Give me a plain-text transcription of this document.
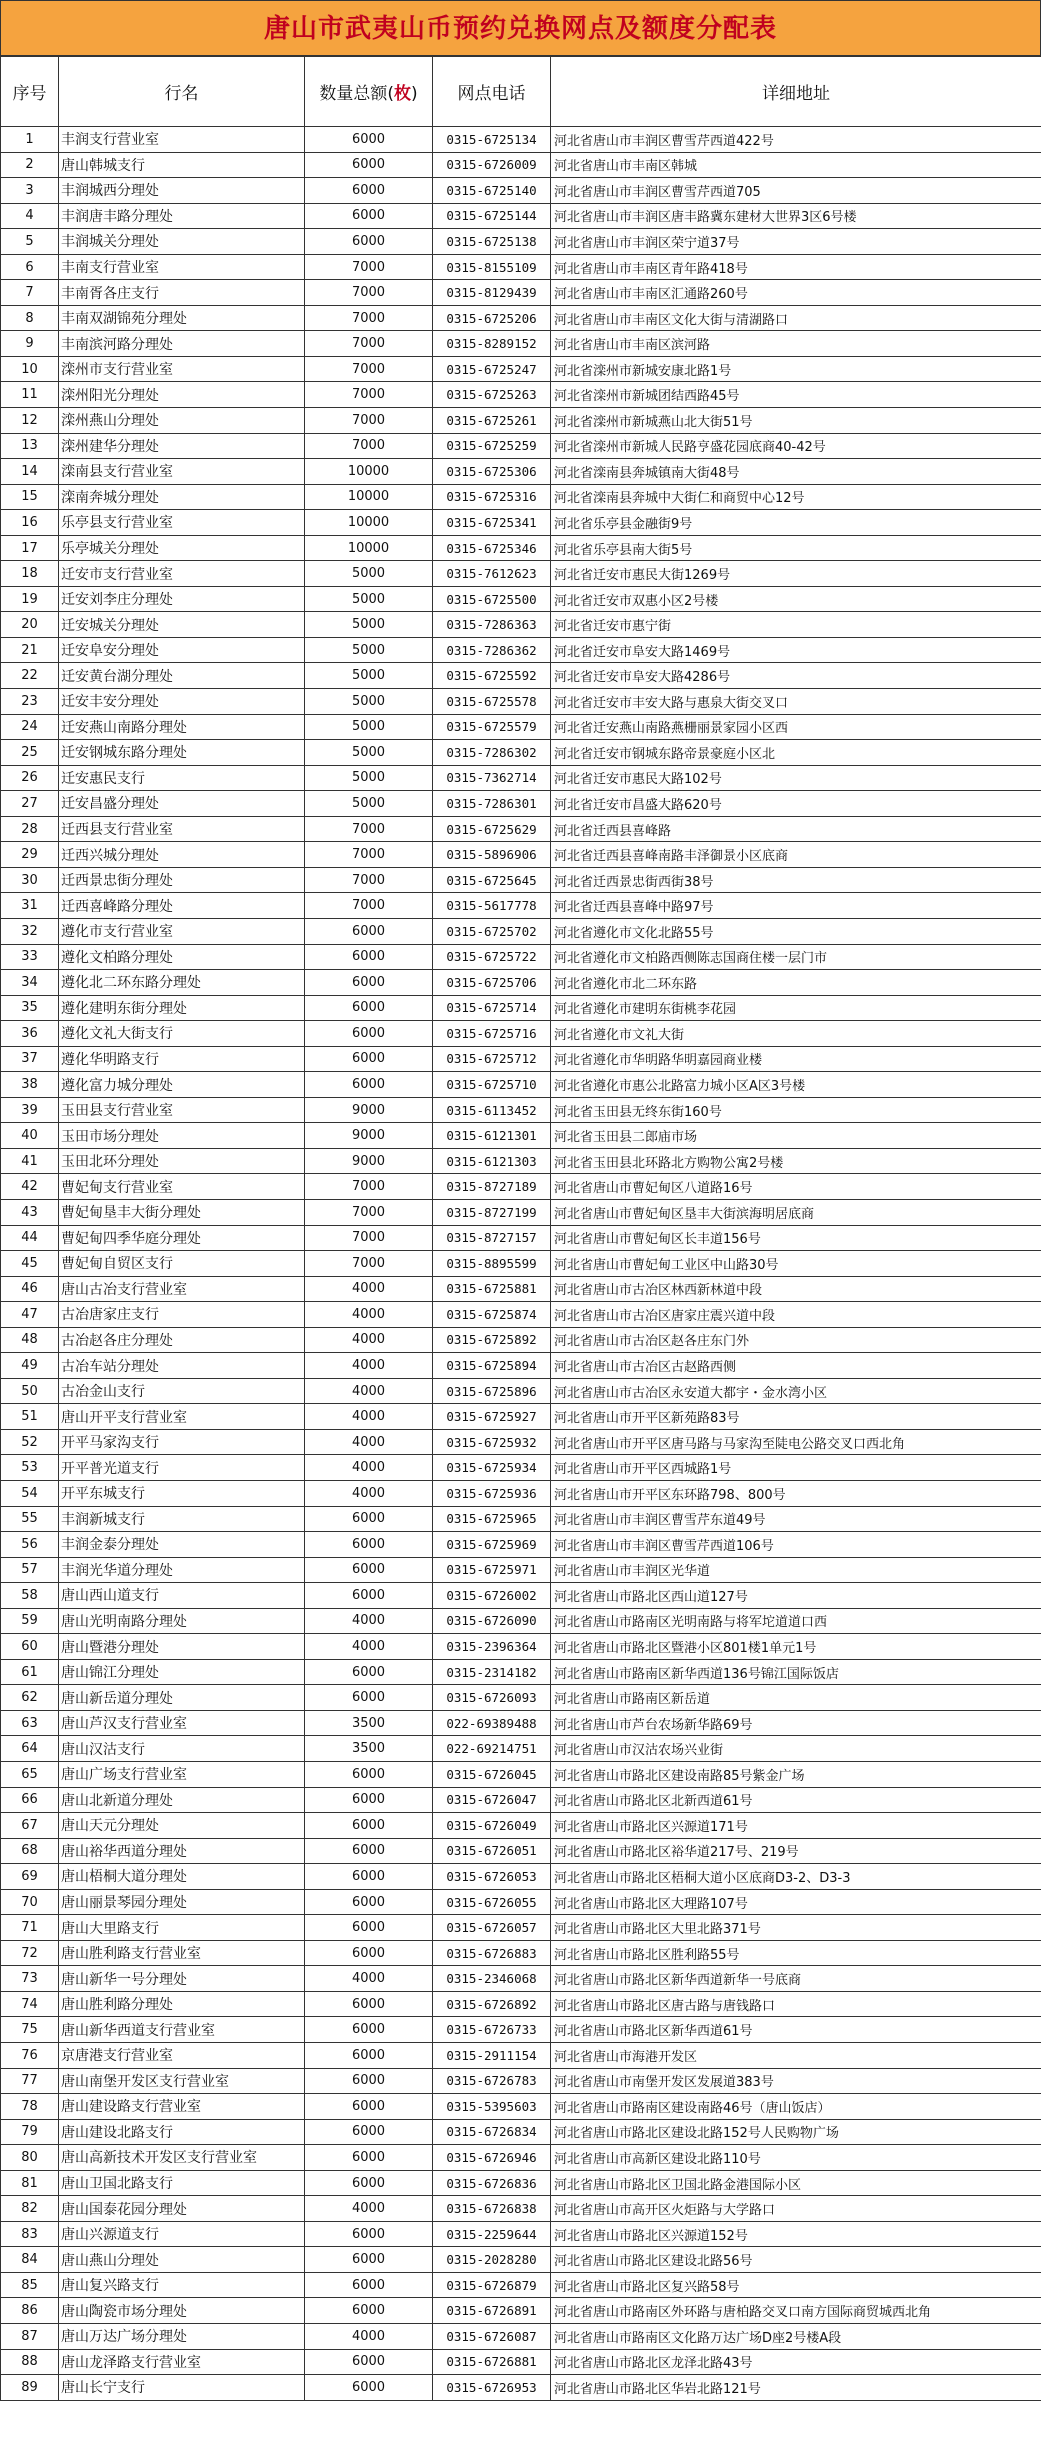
唐山市武夷山币预约兑换网点及额度分配表
序号	行名	数量总额(枚)	网点电话	详细地址
1	丰润支行营业室	6000	0315-6725134	河北省唐山市丰润区曹雪芹西道422号
2	唐山韩城支行	6000	0315-6726009	河北省唐山市丰南区韩城
3	丰润城西分理处	6000	0315-6725140	河北省唐山市丰润区曹雪芹西道705
4	丰润唐丰路分理处	6000	0315-6725144	河北省唐山市丰润区唐丰路冀东建材大世界3区6号楼
5	丰润城关分理处	6000	0315-6725138	河北省唐山市丰润区荣宁道37号
6	丰南支行营业室	7000	0315-8155109	河北省唐山市丰南区青年路418号
7	丰南胥各庄支行	7000	0315-8129439	河北省唐山市丰南区汇通路260号
8	丰南双湖锦苑分理处	7000	0315-6725206	河北省唐山市丰南区文化大街与清湖路口
9	丰南滨河路分理处	7000	0315-8289152	河北省唐山市丰南区滨河路
10	滦州市支行营业室	7000	0315-6725247	河北省滦州市新城安康北路1号
11	滦州阳光分理处	7000	0315-6725263	河北省滦州市新城团结西路45号
12	滦州燕山分理处	7000	0315-6725261	河北省滦州市新城燕山北大街51号
13	滦州建华分理处	7000	0315-6725259	河北省滦州市新城人民路亨盛花园底商40-42号
14	滦南县支行营业室	10000	0315-6725306	河北省滦南县奔城镇南大街48号
15	滦南奔城分理处	10000	0315-6725316	河北省滦南县奔城中大街仁和商贸中心12号
16	乐亭县支行营业室	10000	0315-6725341	河北省乐亭县金融街9号
17	乐亭城关分理处	10000	0315-6725346	河北省乐亭县南大街5号
18	迁安市支行营业室	5000	0315-7612623	河北省迁安市惠民大街1269号
19	迁安刘李庄分理处	5000	0315-6725500	河北省迁安市双惠小区2号楼
20	迁安城关分理处	5000	0315-7286363	河北省迁安市惠宁街
21	迁安阜安分理处	5000	0315-7286362	河北省迁安市阜安大路1469号
22	迁安黄台湖分理处	5000	0315-6725592	河北省迁安市阜安大路4286号
23	迁安丰安分理处	5000	0315-6725578	河北省迁安市丰安大路与惠泉大街交叉口
24	迁安燕山南路分理处	5000	0315-6725579	河北省迁安燕山南路燕栅丽景家园小区西
25	迁安钢城东路分理处	5000	0315-7286302	河北省迁安市钢城东路帝景豪庭小区北
26	迁安惠民支行	5000	0315-7362714	河北省迁安市惠民大路102号
27	迁安昌盛分理处	5000	0315-7286301	河北省迁安市昌盛大路620号
28	迁西县支行营业室	7000	0315-6725629	河北省迁西县喜峰路
29	迁西兴城分理处	7000	0315-5896906	河北省迁西县喜峰南路丰泽御景小区底商
30	迁西景忠街分理处	7000	0315-6725645	河北省迁西景忠街西街38号
31	迁西喜峰路分理处	7000	0315-5617778	河北省迁西县喜峰中路97号
32	遵化市支行营业室	6000	0315-6725702	河北省遵化市文化北路55号
33	遵化文柏路分理处	6000	0315-6725722	河北省遵化市文柏路西侧陈志国商住楼一层门市
34	遵化北二环东路分理处	6000	0315-6725706	河北省遵化市北二环东路
35	遵化建明东街分理处	6000	0315-6725714	河北省遵化市建明东街桃李花园
36	遵化文礼大街支行	6000	0315-6725716	河北省遵化市文礼大街
37	遵化华明路支行	6000	0315-6725712	河北省遵化市华明路华明嘉园商业楼
38	遵化富力城分理处	6000	0315-6725710	河北省遵化市惠公北路富力城小区A区3号楼
39	玉田县支行营业室	9000	0315-6113452	河北省玉田县无终东街160号
40	玉田市场分理处	9000	0315-6121301	河北省玉田县二郎庙市场
41	玉田北环分理处	9000	0315-6121303	河北省玉田县北环路北方购物公寓2号楼
42	曹妃甸支行营业室	7000	0315-8727189	河北省唐山市曹妃甸区八道路16号
43	曹妃甸垦丰大街分理处	7000	0315-8727199	河北省唐山市曹妃甸区垦丰大街滨海明居底商
44	曹妃甸四季华庭分理处	7000	0315-8727157	河北省唐山市曹妃甸区长丰道156号
45	曹妃甸自贸区支行	7000	0315-8895599	河北省唐山市曹妃甸工业区中山路30号
46	唐山古冶支行营业室	4000	0315-6725881	河北省唐山市古冶区林西新林道中段
47	古冶唐家庄支行	4000	0315-6725874	河北省唐山市古冶区唐家庄震兴道中段
48	古冶赵各庄分理处	4000	0315-6725892	河北省唐山市古冶区赵各庄东门外
49	古冶车站分理处	4000	0315-6725894	河北省唐山市古冶区古赵路西侧
50	古冶金山支行	4000	0315-6725896	河北省唐山市古冶区永安道大都宇・金水湾小区
51	唐山开平支行营业室	4000	0315-6725927	河北省唐山市开平区新苑路83号
52	开平马家沟支行	4000	0315-6725932	河北省唐山市开平区唐马路与马家沟至陡电公路交叉口西北角
53	开平普光道支行	4000	0315-6725934	河北省唐山市开平区西城路1号
54	开平东城支行	4000	0315-6725936	河北省唐山市开平区东环路798、800号
55	丰润新城支行	6000	0315-6725965	河北省唐山市丰润区曹雪芹东道49号
56	丰润金泰分理处	6000	0315-6725969	河北省唐山市丰润区曹雪芹西道106号
57	丰润光华道分理处	6000	0315-6725971	河北省唐山市丰润区光华道
58	唐山西山道支行	6000	0315-6726002	河北省唐山市路北区西山道127号
59	唐山光明南路分理处	4000	0315-6726090	河北省唐山市路南区光明南路与将军坨道道口西
60	唐山暨港分理处	4000	0315-2396364	河北省唐山市路北区暨港小区801楼1单元1号
61	唐山锦江分理处	6000	0315-2314182	河北省唐山市路南区新华西道136号锦江国际饭店
62	唐山新岳道分理处	6000	0315-6726093	河北省唐山市路南区新岳道
63	唐山芦汉支行营业室	3500	022-69389488	河北省唐山市芦台农场新华路69号
64	唐山汉沽支行	3500	022-69214751	河北省唐山市汉沽农场兴业街
65	唐山广场支行营业室	6000	0315-6726045	河北省唐山市路北区建设南路85号紫金广场
66	唐山北新道分理处	6000	0315-6726047	河北省唐山市路北区北新西道61号
67	唐山天元分理处	6000	0315-6726049	河北省唐山市路北区兴源道171号
68	唐山裕华西道分理处	6000	0315-6726051	河北省唐山市路北区裕华道217号、219号
69	唐山梧桐大道分理处	6000	0315-6726053	河北省唐山市路北区梧桐大道小区底商D3-2、D3-3
70	唐山丽景琴园分理处	6000	0315-6726055	河北省唐山市路北区大理路107号
71	唐山大里路支行	6000	0315-6726057	河北省唐山市路北区大里北路371号
72	唐山胜利路支行营业室	6000	0315-6726883	河北省唐山市路北区胜利路55号
73	唐山新华一号分理处	4000	0315-2346068	河北省唐山市路北区新华西道新华一号底商
74	唐山胜利路分理处	6000	0315-6726892	河北省唐山市路北区唐古路与唐钱路口
75	唐山新华西道支行营业室	6000	0315-6726733	河北省唐山市路北区新华西道61号
76	京唐港支行营业室	6000	0315-2911154	河北省唐山市海港开发区
77	唐山南堡开发区支行营业室	6000	0315-6726783	河北省唐山市南堡开发区发展道383号
78	唐山建设路支行营业室	6000	0315-5395603	河北省唐山市路南区建设南路46号（唐山饭店）
79	唐山建设北路支行	6000	0315-6726834	河北省唐山市路北区建设北路152号人民购物广场
80	唐山高新技术开发区支行营业室	6000	0315-6726946	河北省唐山市高新区建设北路110号
81	唐山卫国北路支行	6000	0315-6726836	河北省唐山市路北区卫国北路金港国际小区
82	唐山国泰花园分理处	4000	0315-6726838	河北省唐山市高开区火炬路与大学路口
83	唐山兴源道支行	6000	0315-2259644	河北省唐山市路北区兴源道152号
84	唐山燕山分理处	6000	0315-2028280	河北省唐山市路北区建设北路56号
85	唐山复兴路支行	6000	0315-6726879	河北省唐山市路北区复兴路58号
86	唐山陶瓷市场分理处	6000	0315-6726891	河北省唐山市路南区外环路与唐柏路交叉口南方国际商贸城西北角
87	唐山万达广场分理处	4000	0315-6726087	河北省唐山市路南区文化路万达广场D座2号楼A段
88	唐山龙泽路支行营业室	6000	0315-6726881	河北省唐山市路北区龙泽北路43号
89	唐山长宁支行	6000	0315-6726953	河北省唐山市路北区华岩北路121号
